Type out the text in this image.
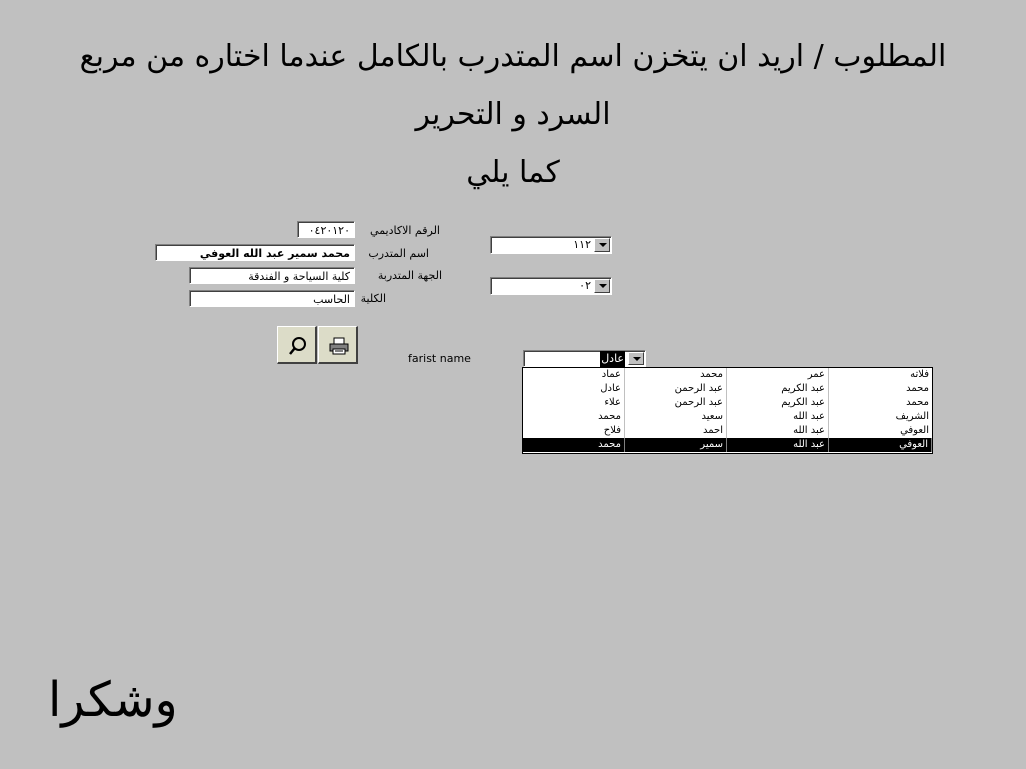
المطلوب / اريد ان يتخزن اسم المتدرب بالكامل عندما اختاره من مربع
السرد و التحرير
كما يلي
الرقم الاكاديمي
٠٤٢٠١٢٠
اسم المتدرب
محمد سمير عبد الله العوفي
الجهة المتدربة
كلية السياحة و الفندقة
الكلية
الحاسب
١١٢
٠٢
farist name	عادل
عماد	محمد	عمر	فلاته
عادل	عبد الرحمن	عبد الكريم	محمد
علاء	عبد الرحمن	عبد الكريم	محمد
محمد	سعيد	عبد الله	الشريف
فلاح	احمد	عبد الله	العوفي
محمد	سمير	عبد الله	العوفي
وشكرا
